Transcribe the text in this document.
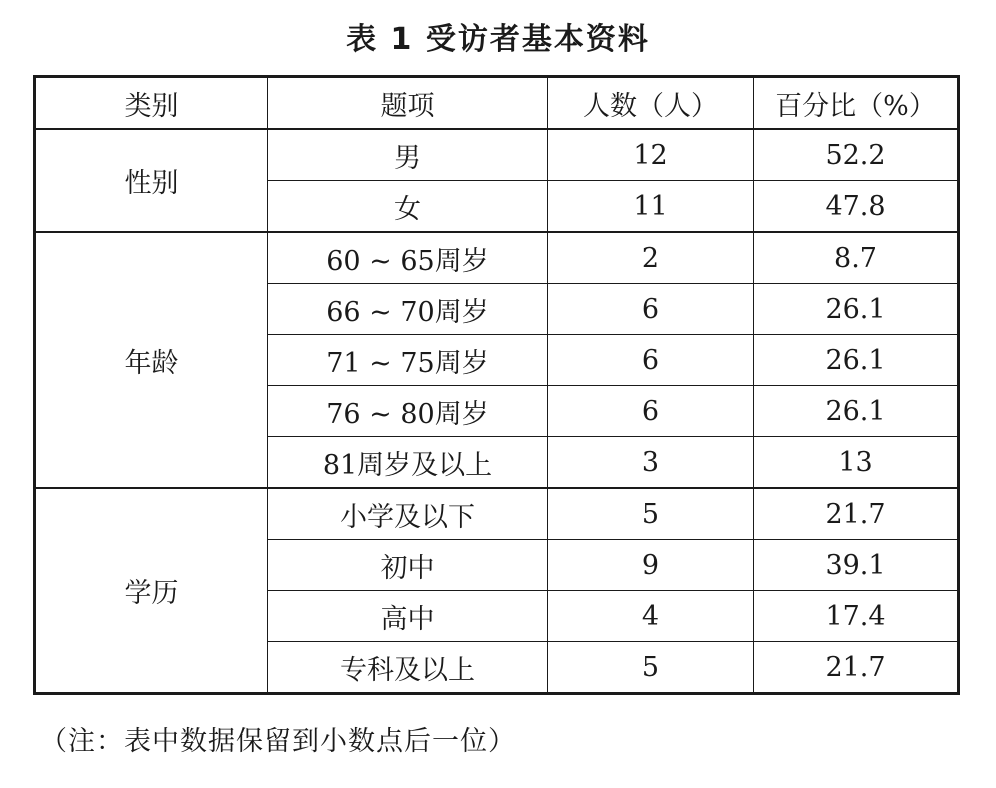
表 1 受访者基本资料
类别	题项	人数（人）	百分比（%）
性别	男	12	52.2
	女	11	47.8
年龄	60 ~ 65周岁	2	8.7
	66 ~ 70周岁	6	26.1
	71 ~ 75周岁	6	26.1
	76 ~ 80周岁	6	26.1
	81周岁及以上	3	13
学历	小学及以下	5	21.7
	初中	9	39.1
	高中	4	17.4
	专科及以上	5	21.7
（注：表中数据保留到小数点后一位）
